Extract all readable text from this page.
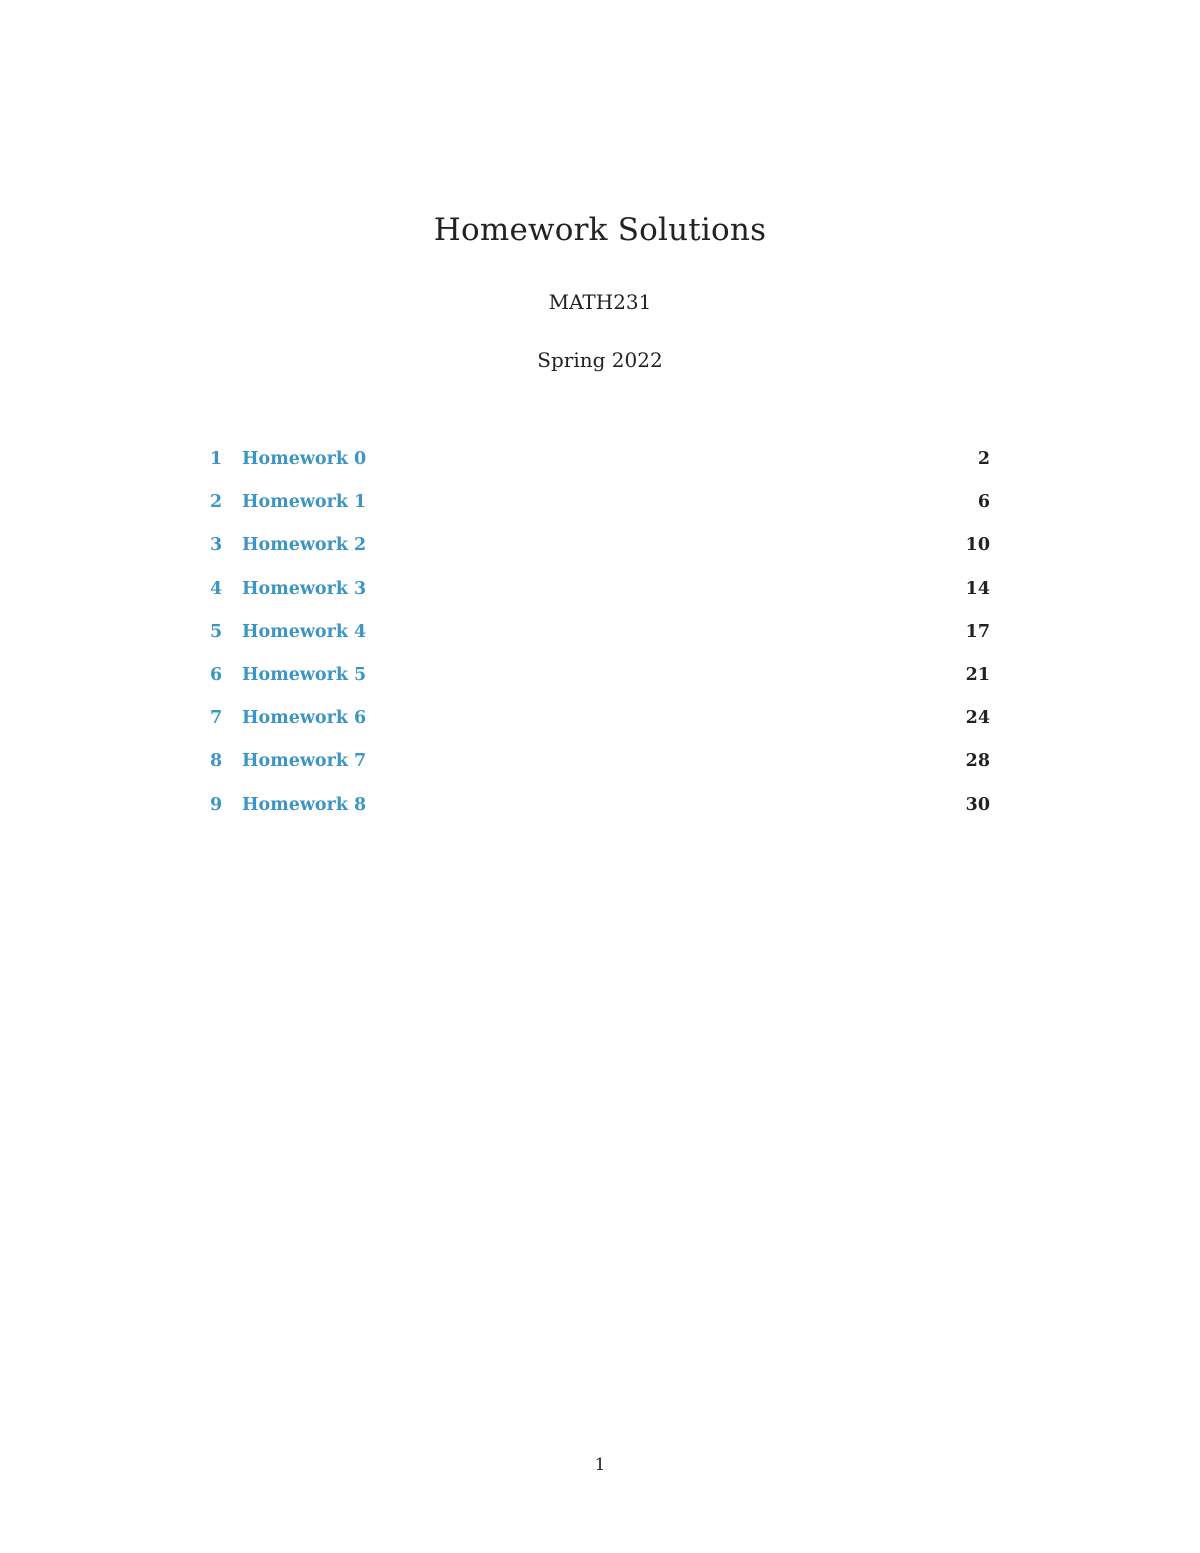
Homework Solutions
MATH231
Spring 2022
1 Homework 0	2
2 Homework 1	6
3 Homework 2	10
4 Homework 3	14
5 Homework 4	17
6 Homework 5	21
7 Homework 6	24
8 Homework 7	28
9 Homework 8	30
1
